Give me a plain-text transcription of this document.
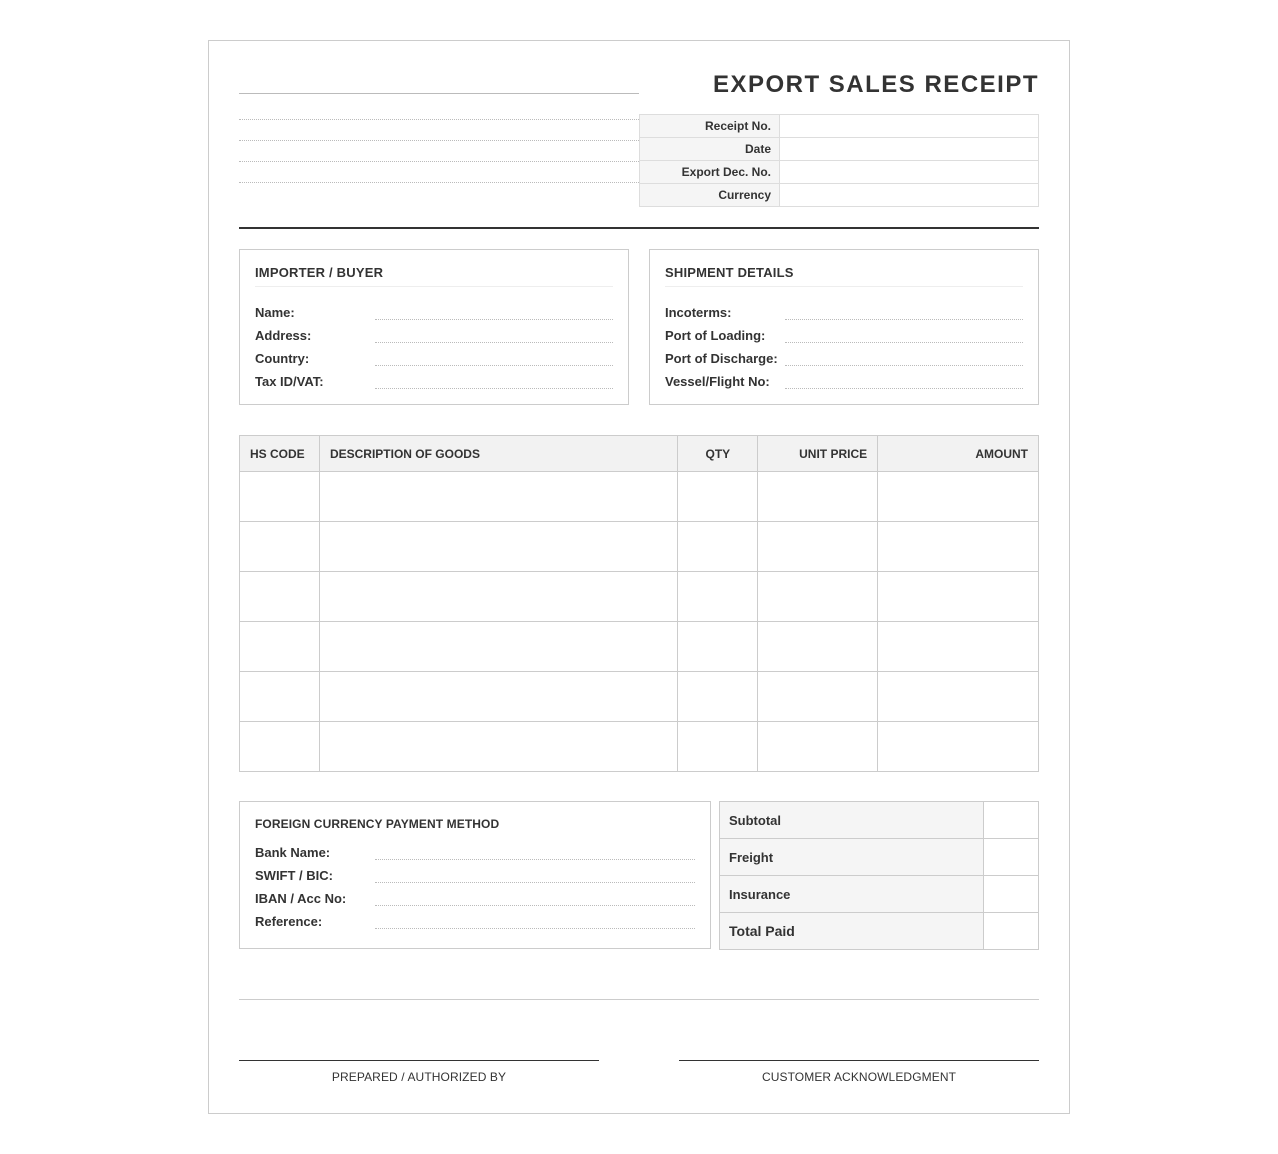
EXPORT SALES RECEIPT
Receipt No.	
Date	
Export Dec. No.	
Currency	
IMPORTER / BUYER
Name:
Address:
Country:
Tax ID/VAT:
SHIPMENT DETAILS
Incoterms:
Port of Loading:
Port of Discharge:
Vessel/Flight No:
HS CODE	DESCRIPTION OF GOODS	QTY	UNIT PRICE	AMOUNT

FOREIGN CURRENCY PAYMENT METHOD
Bank Name:
SWIFT / BIC:
IBAN / Acc No:
Reference:
Subtotal	
Freight	
Insurance	
Total Paid	
PREPARED / AUTHORIZED BY	CUSTOMER ACKNOWLEDGMENT
